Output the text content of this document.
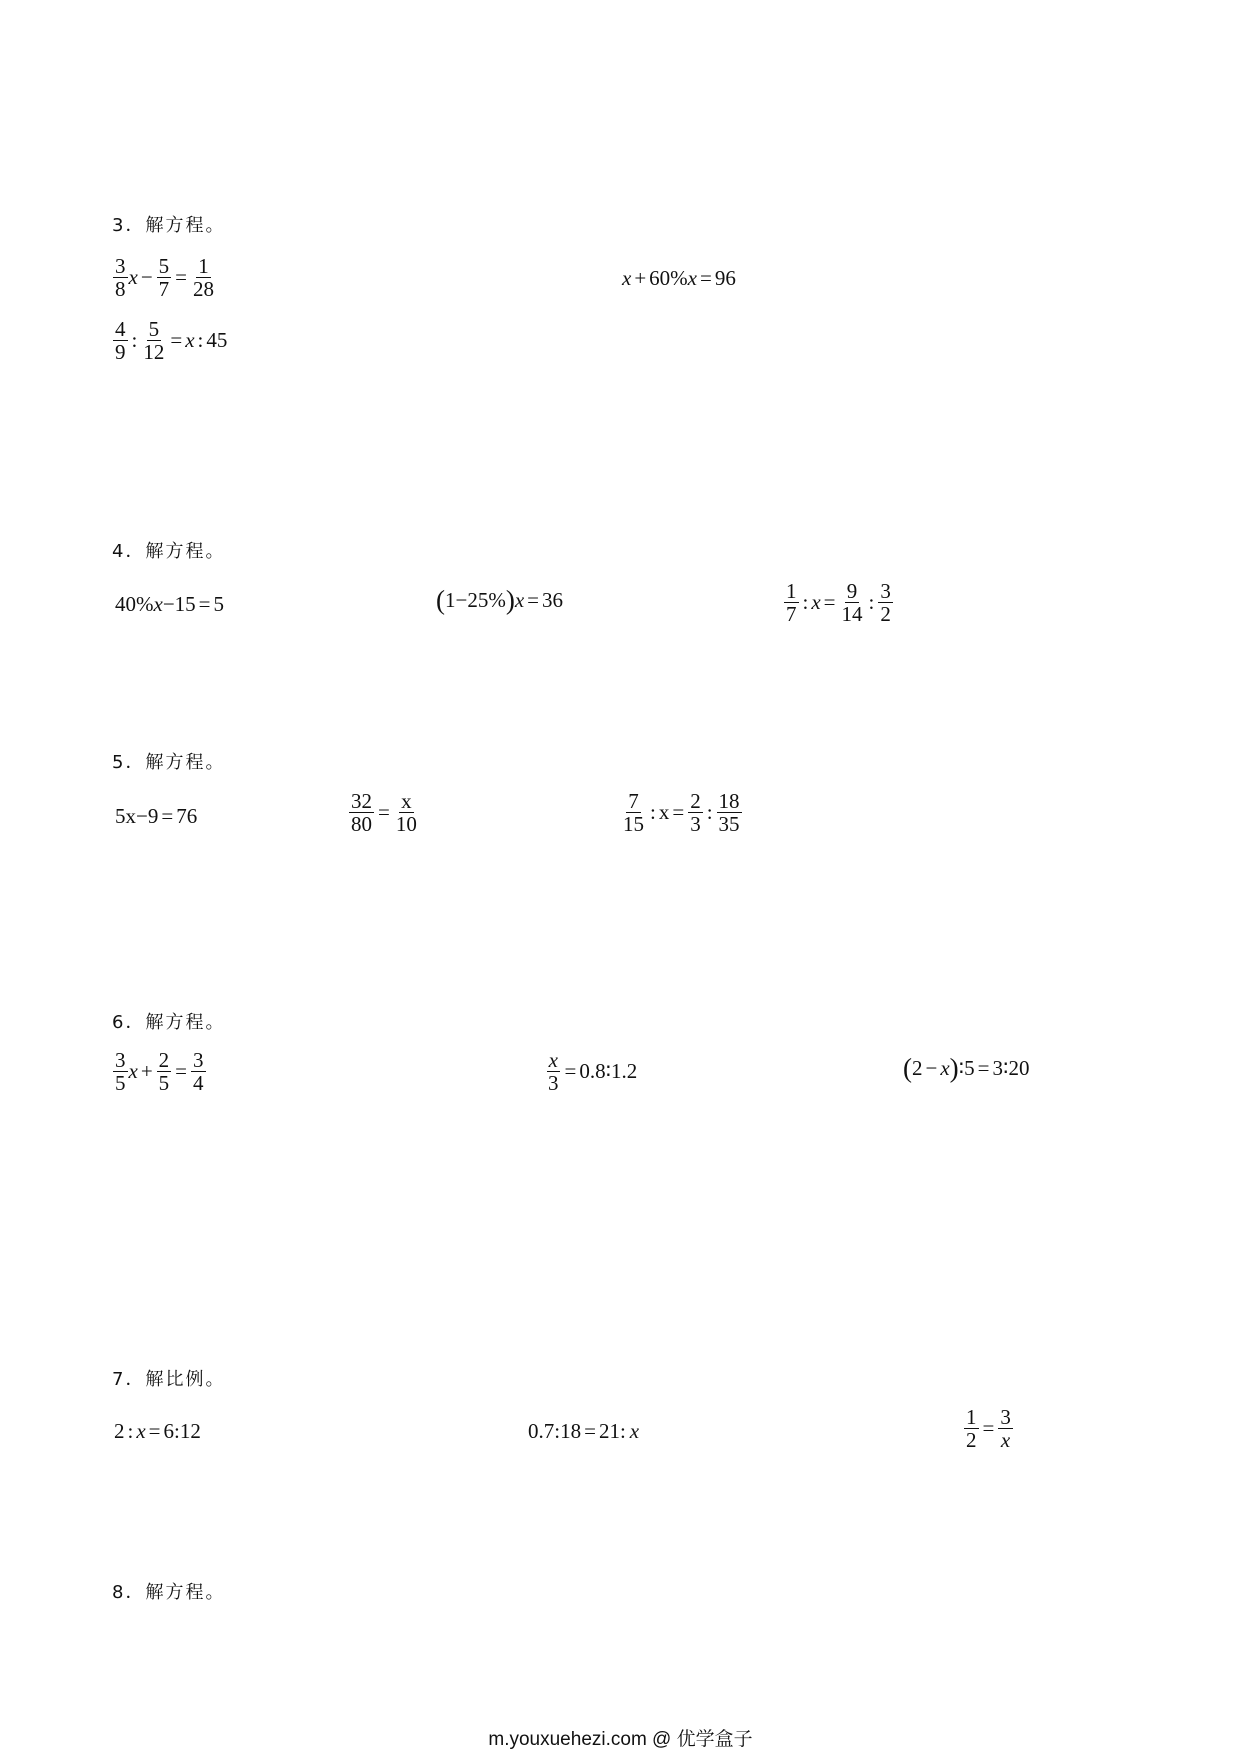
3．解方程。
$\frac{3}{8}$ $x - \frac{5}{7} = \frac{1}{28}$	x + 60% x = 96
$\frac{4}{9}$ : $\frac{5}{12} = x$ : 45
4．解方程。
40% x −15 = 5	( 1−25% ) x = 36	$\frac{1}{7}$ : $x = \frac{9}{14}$ : $\frac{3}{2}$
5．解方程。
5x −9 = 76	$\frac{32}{80} = \frac{x}{10}$	$\frac{7}{15}$ : $x = \frac{2}{3}$ : $\frac{18}{35}$
6．解方程。
$\frac{3}{5}$ $x + \frac{2}{5} = \frac{3}{4}$	$\frac{x}{3}$ = 0.8∶1.2	( 2 − x ) ∶5 = 3∶20
7．解比例。
2 : x = 6:12	0.7:18 = 21: x	$\frac{1}{2} = \frac{3}{x}$
8．解方程。
m.youxuehezi.com @ 优学盒子
